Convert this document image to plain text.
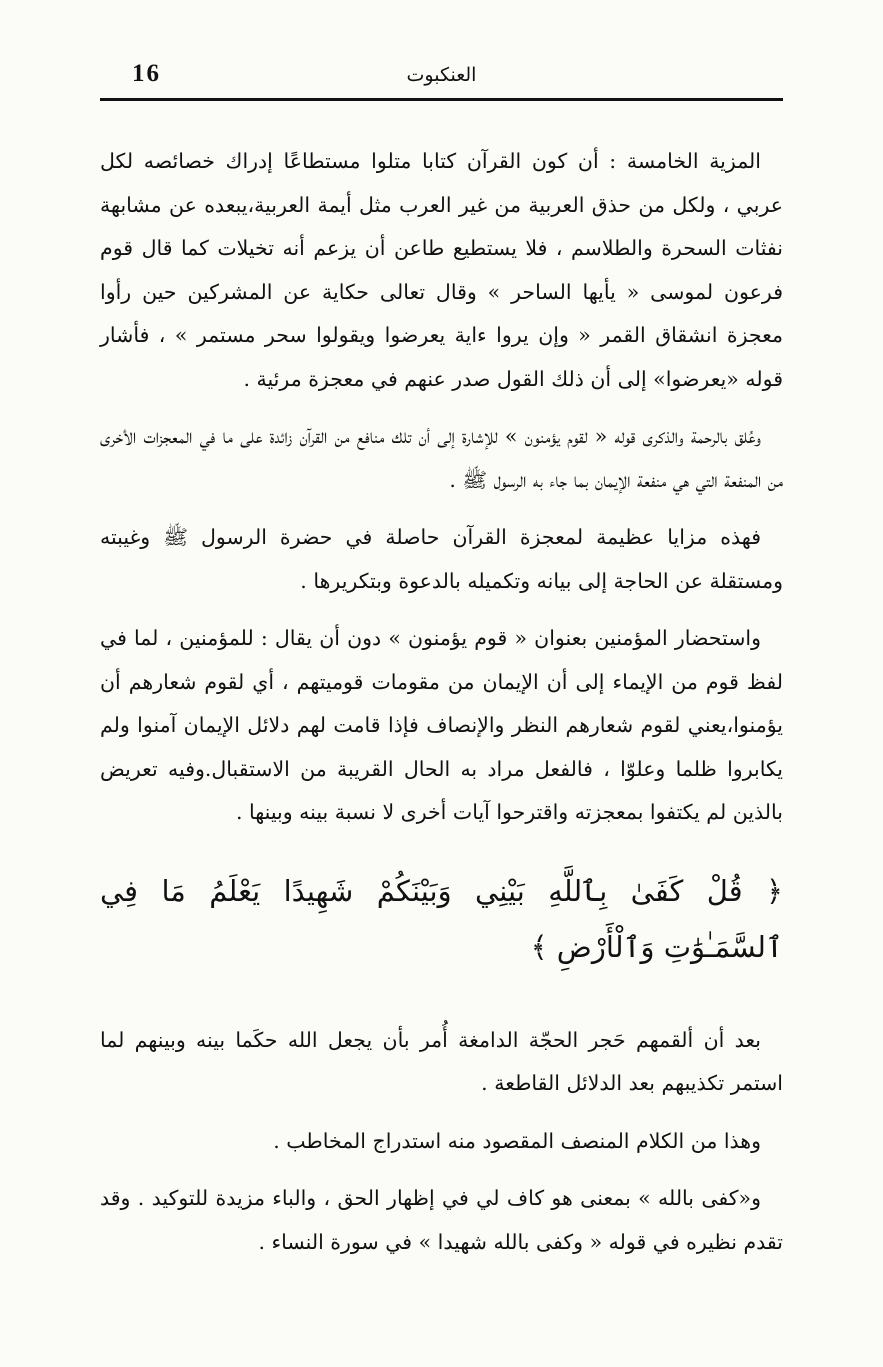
16	العنكبوت

المزية الخامسة : أن كون القرآن كتابا متلوا مستطاعًا إدراك خصائصه لكل عربي ، ولكل من حذق العربية من غير العرب مثل أيمة العربية،يبعده عن مشابهة نفثات السحرة والطلاسم ، فلا يستطيع طاعن أن يزعم أنه تخيلات كما قال قوم فرعون لموسى « يأيها الساحر » وقال تعالى حكاية عن المشركين حين رأوا معجزة انشقاق القمر « وإن يروا ءاية يعرضوا ويقولوا سحر مستمر » ، فأشار قوله «يعرضوا» إلى أن ذلك القول صدر عنهم في معجزة مرئية .

وعُلق بالرحمة والذكرى قوله « لقوم يؤمنون » للإشارة إلى أن تلك منافع من القرآن زائدة على ما في المعجزات الأخرى من المنفعة التي هي منفعة الإيمان بما جاء به الرسول ﷺ .

فهذه مزايا عظيمة لمعجزة القرآن حاصلة في حضرة الرسول ﷺ وغيبته ومستقلة عن الحاجة إلى بيانه وتكميله بالدعوة وبتكريرها .

واستحضار المؤمنين بعنوان « قوم يؤمنون » دون أن يقال : للمؤمنين ، لما في لفظ قوم من الإيماء إلى أن الإيمان من مقومات قوميتهم ، أي لقوم شعارهم أن يؤمنوا،يعني لقوم شعارهم النظر والإنصاف فإذا قامت لهم دلائل الإيمان آمنوا ولم يكابروا ظلما وعلوّا ، فالفعل مراد به الحال القريبة من الاستقبال.وفيه تعريض بالذين لم يكتفوا بمعجزته واقترحوا آيات أخرى لا نسبة بينه وبينها .

﴿ قُلْ كَفَىٰ بِٱللَّهِ بَيْنِي وَبَيْنَكُمْ شَهِيدًا يَعْلَمُ مَا فِي ٱلسَّمَـٰوَٰتِ وَٱلْأَرْضِ ﴾

بعد أن ألقمهم حَجر الحجّة الدامغة أُمر بأن يجعل الله حكَما بينه وبينهم لما استمر تكذيبهم بعد الدلائل القاطعة .

وهذا من الكلام المنصف المقصود منه استدراج المخاطب .

و«كفى بالله » بمعنى هو كاف لي في إظهار الحق ، والباء مزيدة للتوكيد . وقد تقدم نظيره في قوله « وكفى بالله شهيدا » في سورة النساء .
